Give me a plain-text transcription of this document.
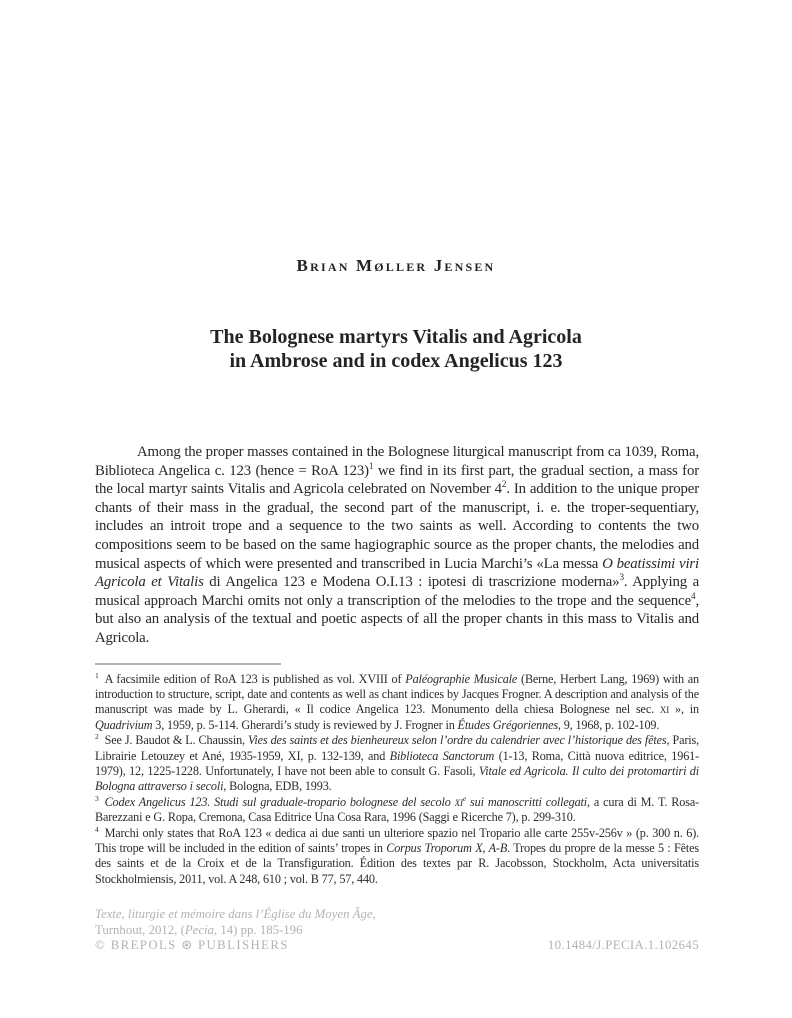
Brian Møller Jensen
The Bolognese martyrs Vitalis and Agricola
in Ambrose and in codex Angelicus 123

Among the proper masses contained in the Bolognese liturgical manuscript from ca 1039, Roma, Biblioteca Angelica c. 123 (hence = RoA 123)$^1$ we find in its first part, the gradual section, a mass for the local martyr saints Vitalis and Agricola celebrated on November $4^2$. In addition to the unique proper chants of their mass in the gradual, the second part of the manuscript, i. e. the troper-sequentiary, includes an introit trope and a sequence to the two saints as well. According to contents the two compositions seem to be based on the same hagiographic source as the proper chants, the melodies and musical aspects of which were presented and transcribed in Lucia Marchi’s «La messa O beatissimi viri Agricola et Vitalis di Angelica 123 e Modena O.I.13 : ipotesi di trascrizione moderna»$^3$. Applying a musical approach Marchi omits not only a transcription of the melodies to the trope and the sequence$^4$, but also an analysis of the textual and poetic aspects of all the proper chants in this mass to Vitalis and Agricola.

$^1$ A facsimile edition of RoA 123 is published as vol. XVIII of Paléographie Musicale (Berne, Herbert Lang, 1969) with an introduction to structure, script, date and contents as well as chant indices by Jacques Frogner. A description and analysis of the manuscript was made by L. Gherardi, « Il codice Angelica 123. Monumento della chiesa Bolognese nel sec. xi », in Quadrivium 3, 1959, p. 5-114. Gherardi’s study is reviewed by J. Frogner in Études Grégoriennes, 9, 1968, p. 102-109.

$^2$ See J. Baudot & L. Chaussin, Vies des saints et des bienheureux selon l’ordre du calendrier avec l’historique des fêtes, Paris, Librairie Letouzey et Ané, 1935-1959, XI, p. 132-139, and Biblioteca Sanctorum (1-13, Roma, Città nuova editrice, 1961-1979), 12, 1225-1228. Unfortunately, I have not been able to consult G. Fasoli, Vitale ed Agricola. Il culto dei protomartiri di Bologna attraverso i secoli, Bologna, EDB, 1993.

$^3$  Codex Angelicus 123. Studi sul graduale-tropario bolognese del secolo $xi^e$ sui manoscritti collegati, a cura di M. T. Rosa-Barezzani e G. Ropa, Cremona, Casa Editrice Una Cosa Rara, 1996 (Saggi e Ricerche 7), p. 299-310.

$^4$ Marchi only states that RoA 123 « dedica ai due santi un ulteriore spazio nel Tropario alle carte 255v-256v » (p. 300 n. 6). This trope will be included in the edition of saints’ tropes in Corpus Troporum X, A-B. Tropes du propre de la messe 5 : Fêtes des saints et de la Croix et de la Transfiguration. Édition des textes par R. Jacobsson, Stockholm, Acta universitatis Stockholmiensis, 2011, vol. A 248, 610 ; vol. B 77, 57, 440.

Texte, liturgie et mémoire dans l’Église du Moyen Âge,
Turnhout, 2012, (Pecia, 14) pp. 185-196
© BREPOLS ⊛ PUBLISHERS	10.1484/J.PECIA.1.102645
